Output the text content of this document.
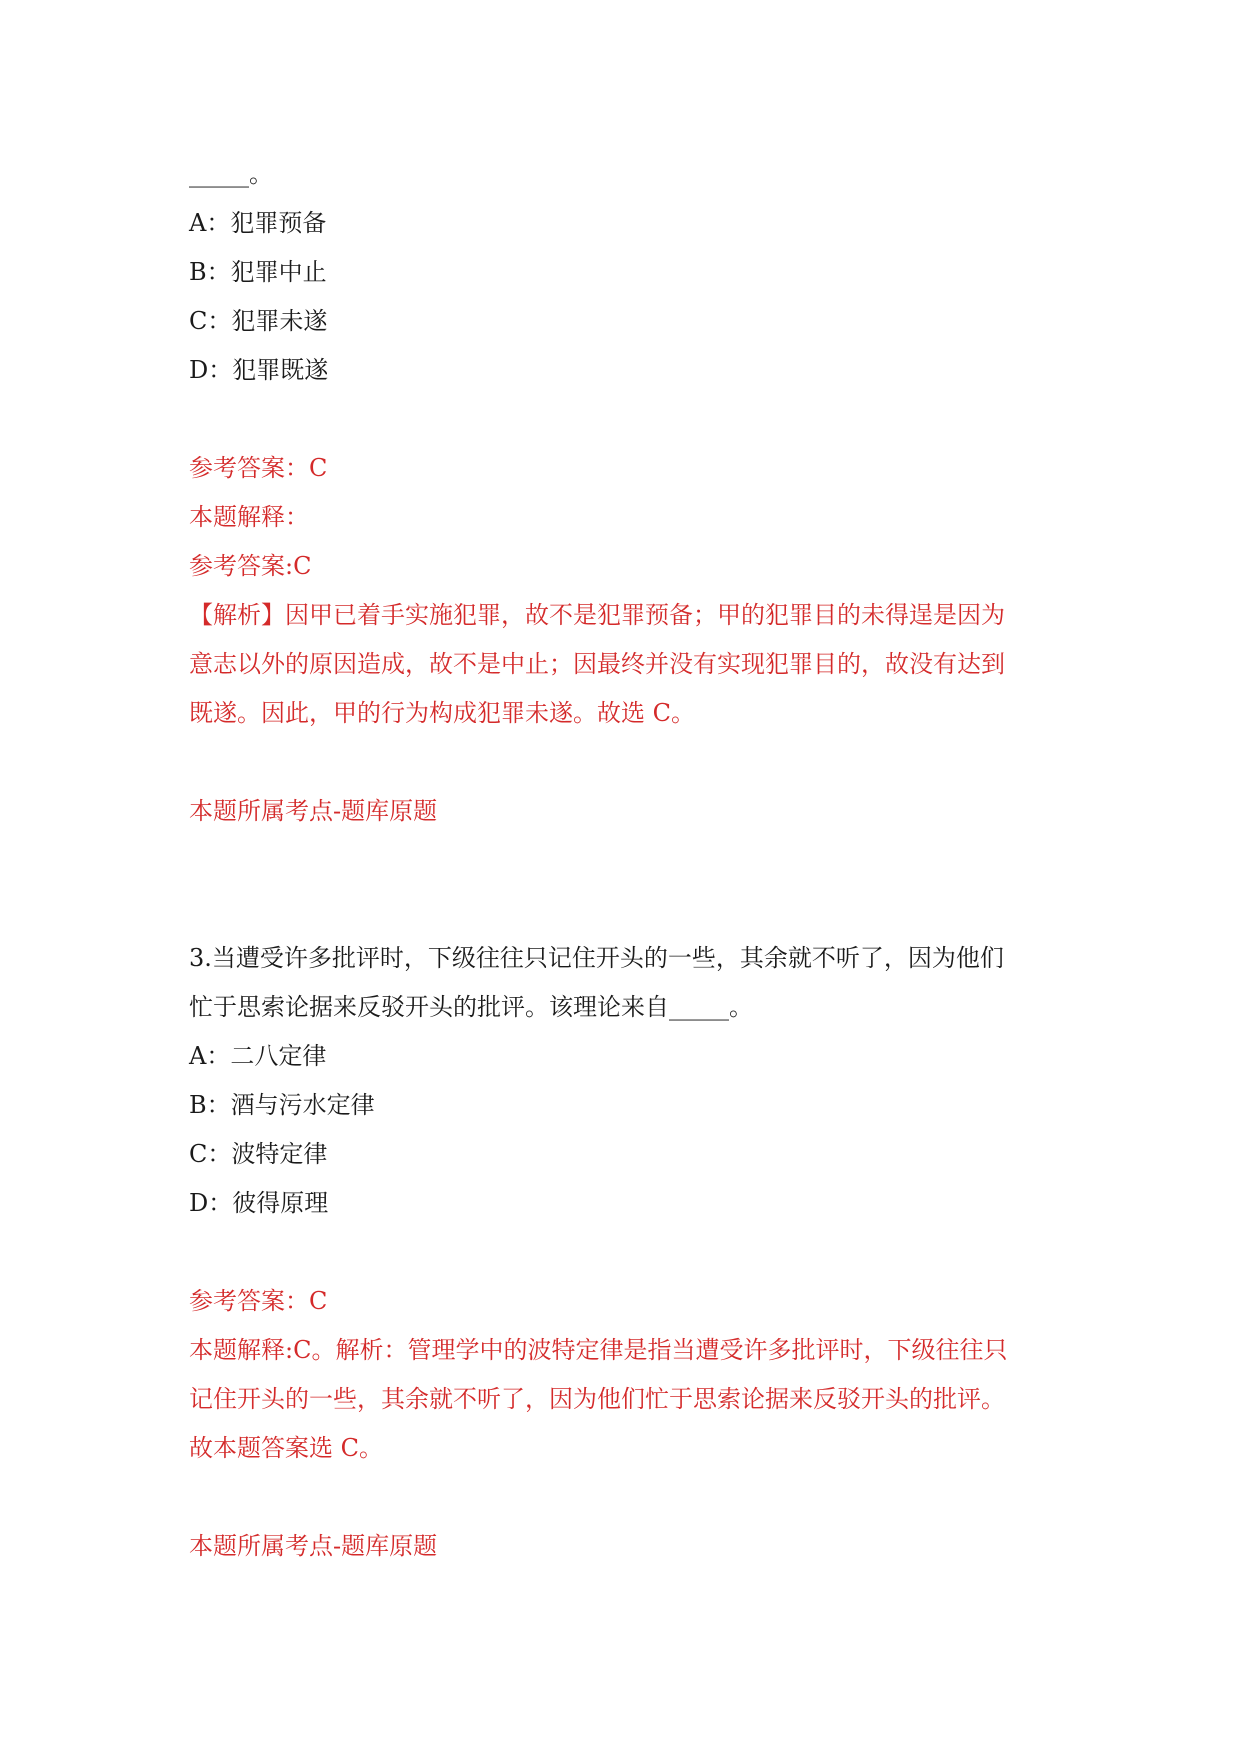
_____。
A：犯罪预备
B：犯罪中止
C：犯罪未遂
D：犯罪既遂
参考答案：C
本题解释：
参考答案:C
【解析】因甲已着手实施犯罪，故不是犯罪预备；甲的犯罪目的未得逞是因为
意志以外的原因造成，故不是中止；因最终并没有实现犯罪目的，故没有达到
既遂。因此，甲的行为构成犯罪未遂。故选 C。
本题所属考点-题库原题
3.当遭受许多批评时，下级往往只记住开头的一些，其余就不听了，因为他们
忙于思索论据来反驳开头的批评。该理论来自_____。
A：二八定律
B：酒与污水定律
C：波特定律
D：彼得原理
参考答案：C
本题解释:C。解析：管理学中的波特定律是指当遭受许多批评时，下级往往只
记住开头的一些，其余就不听了，因为他们忙于思索论据来反驳开头的批评。
故本题答案选 C。
本题所属考点-题库原题
